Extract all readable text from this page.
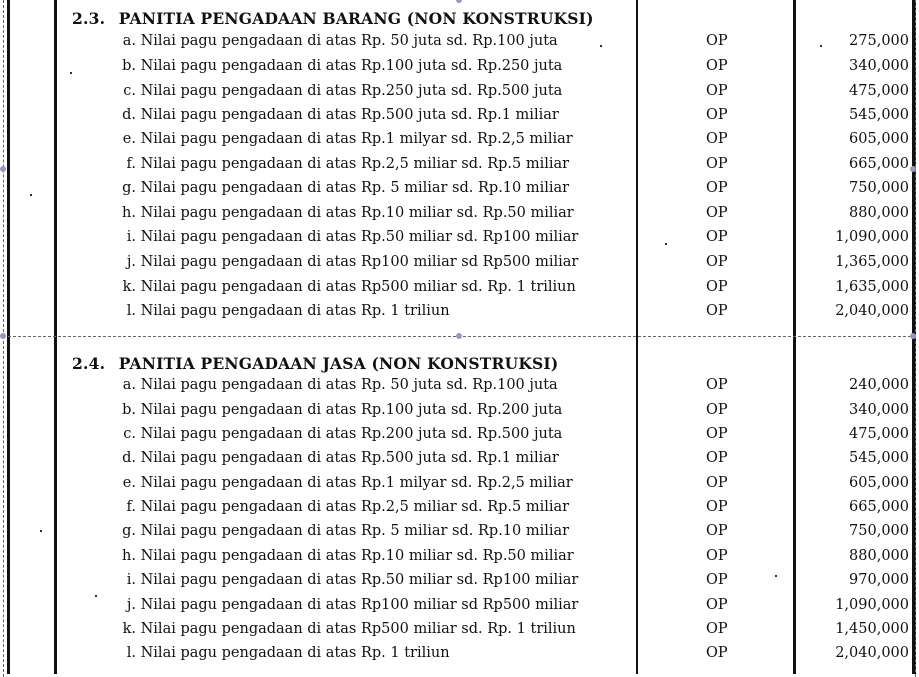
2.3. PANITIA PENGADAAN BARANG (NON KONSTRUKSI)
a. Nilai pagu pengadaan di atas Rp. 50 juta sd. Rp.100 juta	OP	275,000
b. Nilai pagu pengadaan di atas Rp.100 juta sd. Rp.250 juta	OP	340,000
c. Nilai pagu pengadaan di atas Rp.250 juta sd. Rp.500 juta	OP	475,000
d. Nilai pagu pengadaan di atas Rp.500 juta sd. Rp.1 miliar	OP	545,000
e. Nilai pagu pengadaan di atas Rp.1 milyar sd. Rp.2,5 miliar	OP	605,000
f. Nilai pagu pengadaan di atas Rp.2,5 miliar sd. Rp.5 miliar	OP	665,000
g. Nilai pagu pengadaan di atas Rp. 5 miliar sd. Rp.10 miliar	OP	750,000
h. Nilai pagu pengadaan di atas Rp.10 miliar sd. Rp.50 miliar	OP	880,000
i. Nilai pagu pengadaan di atas Rp.50 miliar sd. Rp100 miliar	OP	1,090,000
j. Nilai pagu pengadaan di atas Rp100 miliar sd Rp500 miliar	OP	1,365,000
k. Nilai pagu pengadaan di atas Rp500 miliar sd. Rp. 1 triliun	OP	1,635,000
l. Nilai pagu pengadaan di atas Rp. 1 triliun	OP	2,040,000
2.4. PANITIA PENGADAAN JASA (NON KONSTRUKSI)
a. Nilai pagu pengadaan di atas Rp. 50 juta sd. Rp.100 juta	OP	240,000
b. Nilai pagu pengadaan di atas Rp.100 juta sd. Rp.200 juta	OP	340,000
c. Nilai pagu pengadaan di atas Rp.200 juta sd. Rp.500 juta	OP	475,000
d. Nilai pagu pengadaan di atas Rp.500 juta sd. Rp.1 miliar	OP	545,000
e. Nilai pagu pengadaan di atas Rp.1 milyar sd. Rp.2,5 miliar	OP	605,000
f. Nilai pagu pengadaan di atas Rp.2,5 miliar sd. Rp.5 miliar	OP	665,000
g. Nilai pagu pengadaan di atas Rp. 5 miliar sd. Rp.10 miliar	OP	750,000
h. Nilai pagu pengadaan di atas Rp.10 miliar sd. Rp.50 miliar	OP	880,000
i. Nilai pagu pengadaan di atas Rp.50 miliar sd. Rp100 miliar	OP	970,000
j. Nilai pagu pengadaan di atas Rp100 miliar sd Rp500 miliar	OP	1,090,000
k. Nilai pagu pengadaan di atas Rp500 miliar sd. Rp. 1 triliun	OP	1,450,000
l. Nilai pagu pengadaan di atas Rp. 1 triliun	OP	2,040,000
